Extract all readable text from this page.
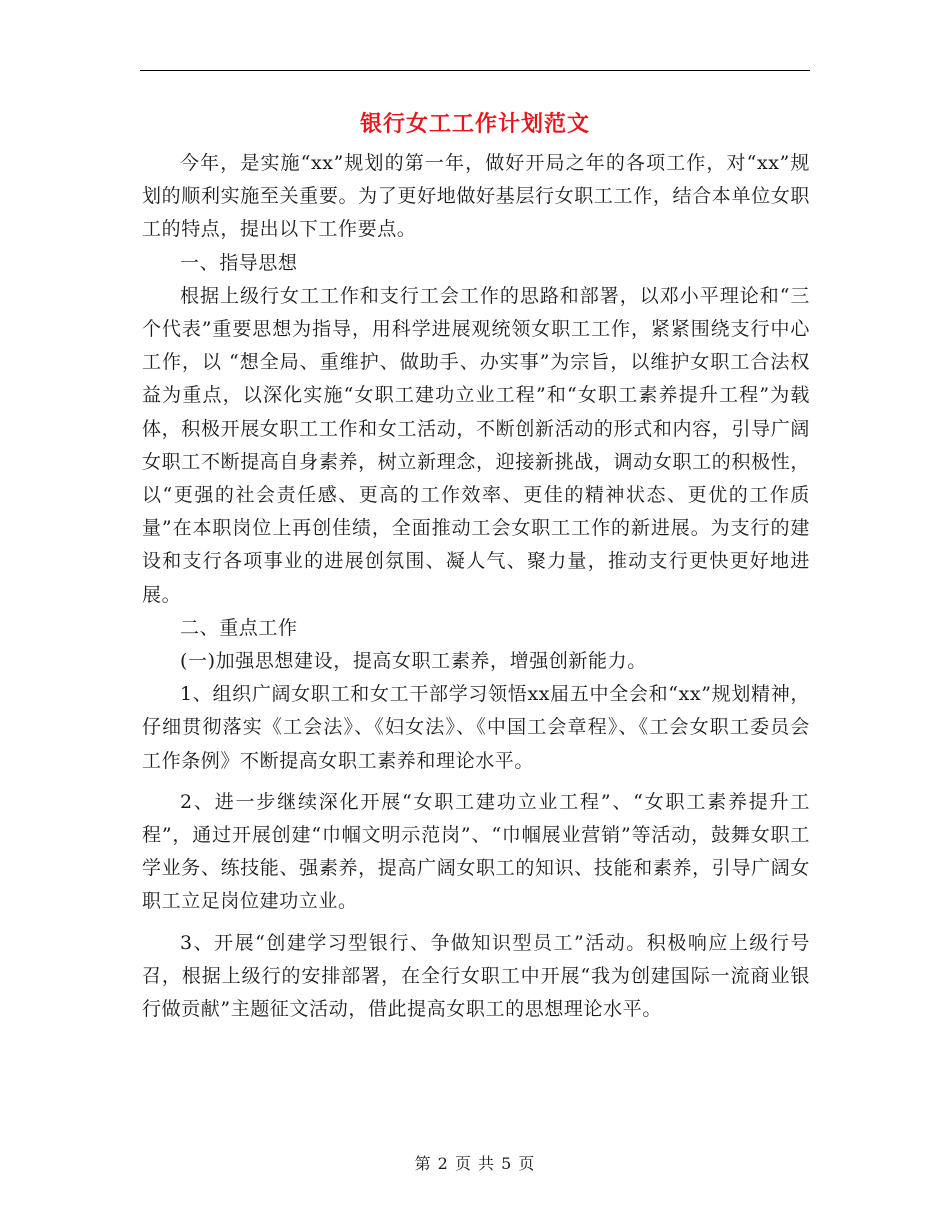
银行女工工作计划范文

今年，是实施“xx”规划的第一年，做好开局之年的各项工作，对“xx”规划的顺利实施至关重要。为了更好地做好基层行女职工工作，结合本单位女职工的特点，提出以下工作要点。

一、指导思想

根据上级行女工工作和支行工会工作的思路和部署，以邓小平理论和“三个代表”重要思想为指导，用科学进展观统领女职工工作，紧紧围绕支行中心工作，以 “想全局、重维护、做助手、办实事”为宗旨，以维护女职工合法权益为重点，以深化实施“女职工建功立业工程”和“女职工素养提升工程”为载体，积极开展女职工工作和女工活动，不断创新活动的形式和内容，引导广阔女职工不断提高自身素养，树立新理念，迎接新挑战，调动女职工的积极性，以“更强的社会责任感、更高的工作效率、更佳的精神状态、更优的工作质量”在本职岗位上再创佳绩，全面推动工会女职工工作的新进展。为支行的建设和支行各项事业的进展创氛围、凝人气、聚力量，推动支行更快更好地进展。

二、重点工作

(一)加强思想建设，提高女职工素养，增强创新能力。

1、组织广阔女职工和女工干部学习领悟xx届五中全会和“xx”规划精神，仔细贯彻落实《工会法》、《妇女法》、《中国工会章程》、《工会女职工委员会工作条例》不断提高女职工素养和理论水平。

2、进一步继续深化开展“女职工建功立业工程”、“女职工素养提升工程”，通过开展创建“巾帼文明示范岗”、“巾帼展业营销”等活动，鼓舞女职工学业务、练技能、强素养，提高广阔女职工的知识、技能和素养，引导广阔女职工立足岗位建功立业。

3、开展“创建学习型银行、争做知识型员工”活动。积极响应上级行号召，根据上级行的安排部署，在全行女职工中开展“我为创建国际一流商业银行做贡献”主题征文活动，借此提高女职工的思想理论水平。

第 2 页 共 5 页
